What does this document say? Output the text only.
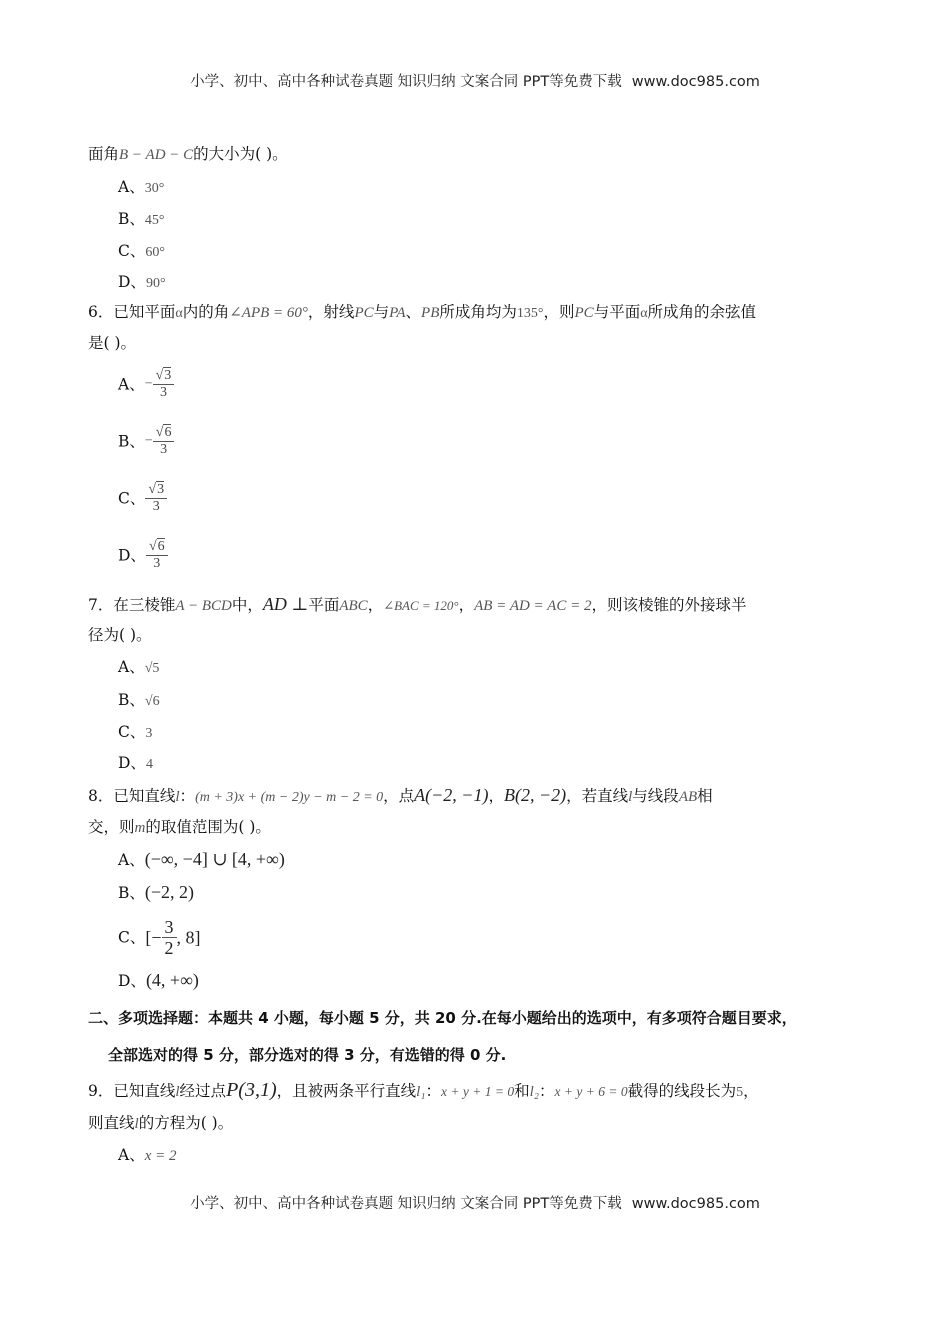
小学、初中、高中各种试卷真题 知识归纳 文案合同 PPT等免费下载 www.doc985.com
面角B − AD − C的大小为( )。
A、30°
B、45°
C、60°
D、90°
6．已知平面α内的角∠APB = 60°，射线PC与PA、PB所成角均为135°，则PC与平面α所成角的余弦值
是( )。
A、− $\frac{√3}{3}$
B、− $\frac{√6}{3}$
C、 $\frac{√3}{3}$
D、 $\frac{√6}{3}$
7．在三棱锥A − BCD中，AD ⊥平面ABC，∠BAC = 120°，AB = AD = AC = 2，则该棱锥的外接球半
径为( )。
A、√5
B、√6
C、3
D、4
8．已知直线l：(m + 3)x + (m − 2)y − m − 2 = 0，点A(−2, −1)，B(2, −2)，若直线l与线段AB相
交，则m的取值范围为( )。
A、(−∞, −4] ∪ [4, +∞)
B、(−2, 2)
C、[− $\frac{3}{2}$ , 8]
D、(4, +∞)
二、多项选择题：本题共 4 小题，每小题 5 分，共 20 分.在每小题给出的选项中，有多项符合题目要求，
全部选对的得 5 分，部分选对的得 3 分，有选错的得 0 分.
9．已知直线l经过点P(3,1)，且被两条平行直线l₁：x + y + 1 = 0和l₂：x + y + 6 = 0截得的线段长为5，
则直线l的方程为( )。
A、x = 2
小学、初中、高中各种试卷真题 知识归纳 文案合同 PPT等免费下载 www.doc985.com
